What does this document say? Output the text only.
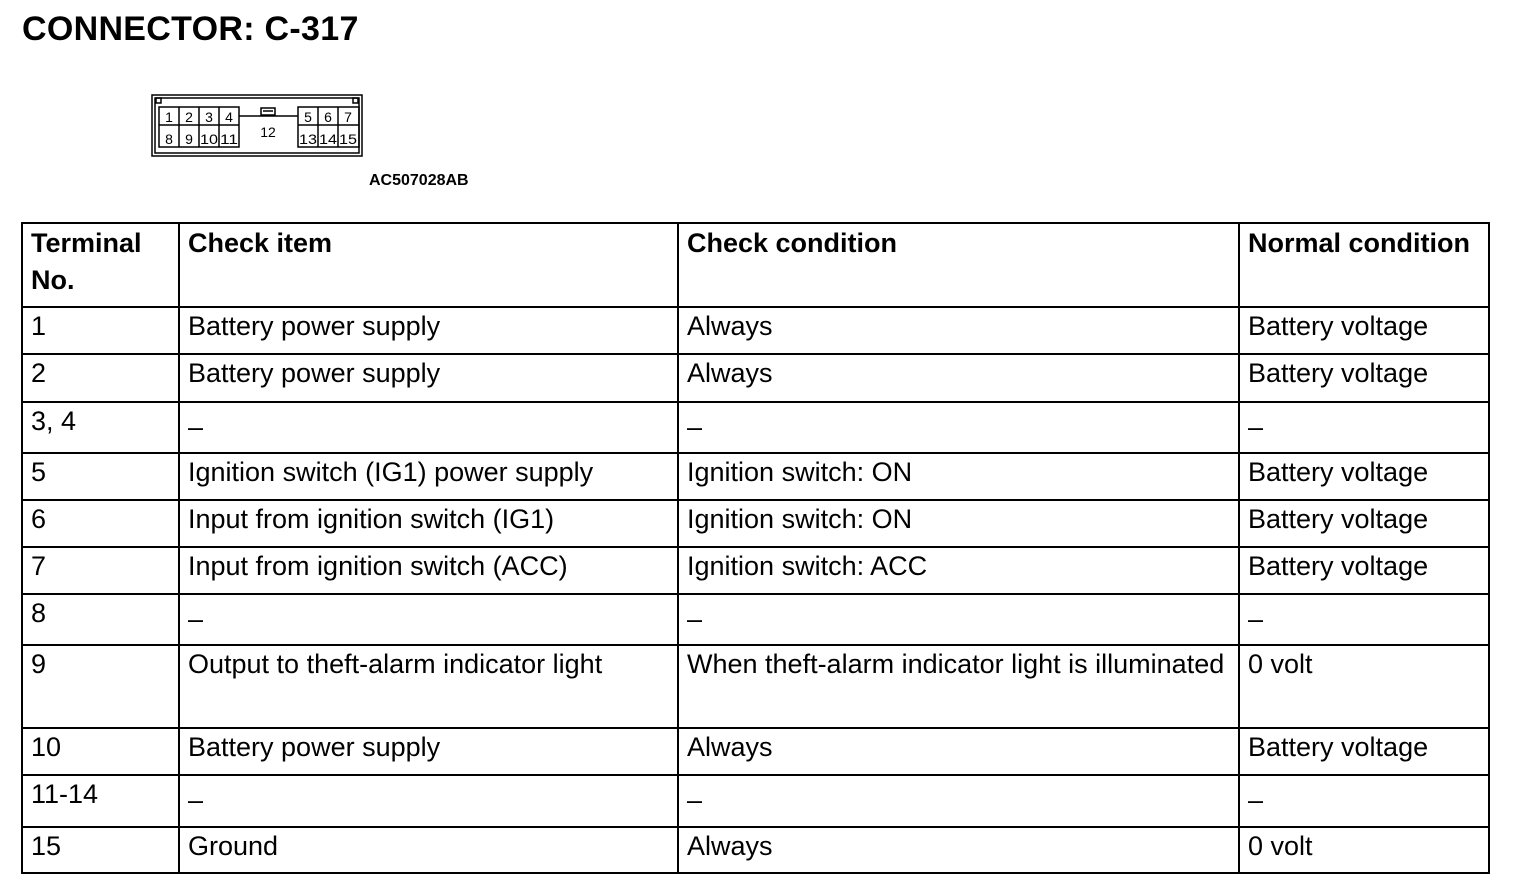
CONNECTOR: C-317
1 2 3 4	5 6 7
12
8 9 10 11	13 14 15
AC507028AB
Terminal No.	Check item	Check condition	Normal condition
1	Battery power supply	Always	Battery voltage
2	Battery power supply	Always	Battery voltage
3, 4	–	–	–
5	Ignition switch (IG1) power supply	Ignition switch: ON	Battery voltage
6	Input from ignition switch (IG1)	Ignition switch: ON	Battery voltage
7	Input from ignition switch (ACC)	Ignition switch: ACC	Battery voltage
8	–	–	–
9	Output to theft-alarm indicator light	When theft-alarm indicator light is illuminated	0 volt
10	Battery power supply	Always	Battery voltage
11-14	–	–	–
15	Ground	Always	0 volt
